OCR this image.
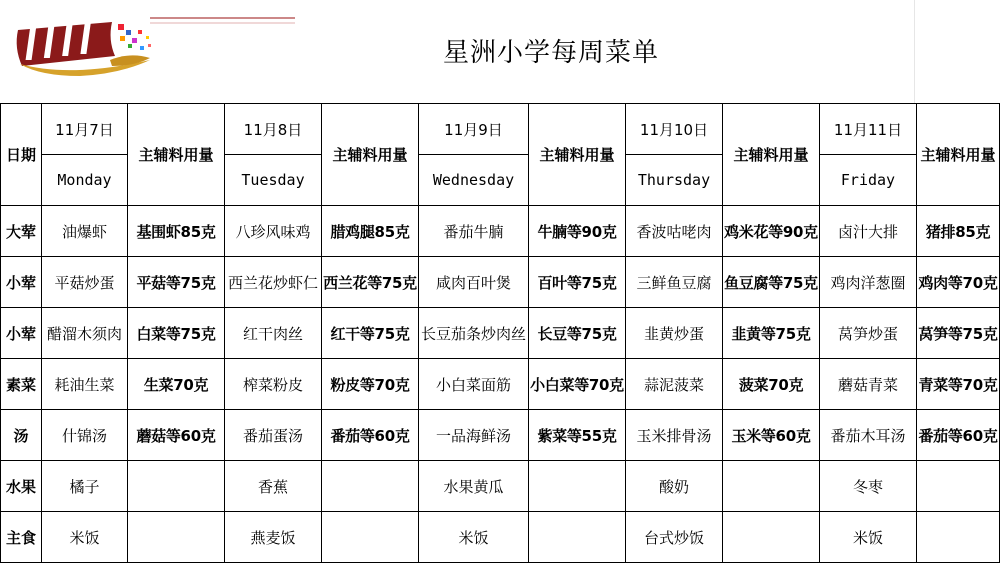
星洲小学每周菜单
日期	11月7日	主辅料用量	11月8日	主辅料用量	11月9日	主辅料用量	11月10日	主辅料用量	11月11日	主辅料用量
	Monday		Tuesday		Wednesday		Thursday		Friday	
大荤	油爆虾	基围虾85克	八珍风味鸡	腊鸡腿85克	番茄牛腩	牛腩等90克	香波咕咾肉	鸡米花等90克	卤汁大排	猪排85克
小荤	平菇炒蛋	平菇等75克	西兰花炒虾仁	西兰花等75克	咸肉百叶煲	百叶等75克	三鲜鱼豆腐	鱼豆腐等75克	鸡肉洋葱圈	鸡肉等70克
小荤	醋溜木须肉	白菜等75克	红干肉丝	红干等75克	长豆茄条炒肉丝	长豆等75克	韭黄炒蛋	韭黄等75克	莴笋炒蛋	莴笋等75克
素菜	耗油生菜	生菜70克	榨菜粉皮	粉皮等70克	小白菜面筋	小白菜等70克	蒜泥菠菜	菠菜70克	蘑菇青菜	青菜等70克
汤	什锦汤	蘑菇等60克	番茄蛋汤	番茄等60克	一品海鲜汤	紫菜等55克	玉米排骨汤	玉米等60克	番茄木耳汤	番茄等60克
水果	橘子		香蕉		水果黄瓜		酸奶		冬枣	
主食	米饭		燕麦饭		米饭		台式炒饭		米饭	
